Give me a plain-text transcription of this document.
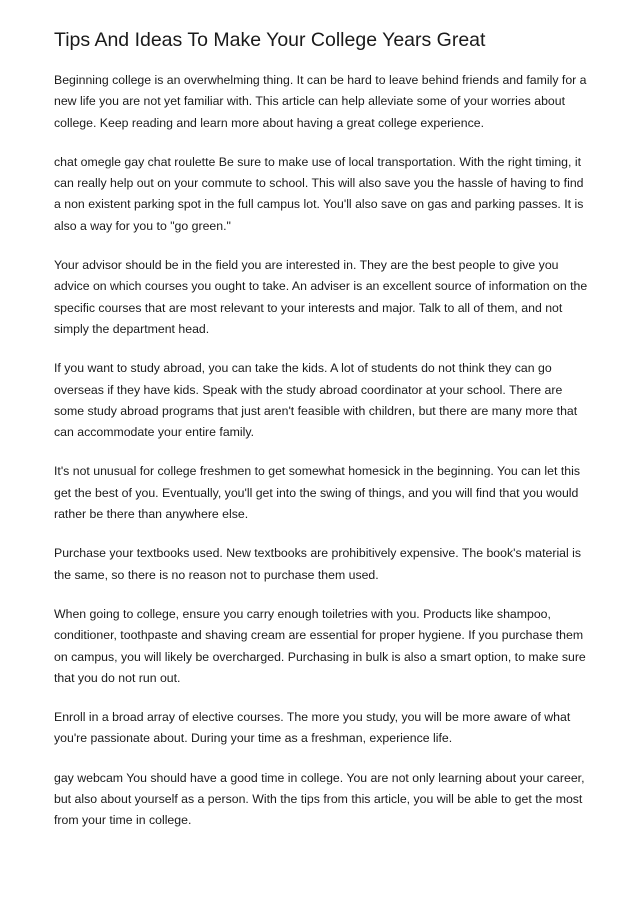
Tips And Ideas To Make Your College Years Great

Beginning college is an overwhelming thing. It can be hard to leave behind friends and family for a new life you are not yet familiar with. This article can help alleviate some of your worries about college. Keep reading and learn more about having a great college experience.

chat omegle gay chat roulette Be sure to make use of local transportation. With the right timing, it can really help out on your commute to school. This will also save you the hassle of having to find a non existent parking spot in the full campus lot. You'll also save on gas and parking passes. It is also a way for you to "go green."

Your advisor should be in the field you are interested in. They are the best people to give you advice on which courses you ought to take. An adviser is an excellent source of information on the specific courses that are most relevant to your interests and major. Talk to all of them, and not simply the department head.

If you want to study abroad, you can take the kids. A lot of students do not think they can go overseas if they have kids. Speak with the study abroad coordinator at your school. There are some study abroad programs that just aren't feasible with children, but there are many more that can accommodate your entire family.

It's not unusual for college freshmen to get somewhat homesick in the beginning. You can let this get the best of you. Eventually, you'll get into the swing of things, and you will find that you would rather be there than anywhere else.

Purchase your textbooks used. New textbooks are prohibitively expensive. The book's material is the same, so there is no reason not to purchase them used.

When going to college, ensure you carry enough toiletries with you. Products like shampoo, conditioner, toothpaste and shaving cream are essential for proper hygiene. If you purchase them on campus, you will likely be overcharged. Purchasing in bulk is also a smart option, to make sure that you do not run out.

Enroll in a broad array of elective courses. The more you study, you will be more aware of what you're passionate about. During your time as a freshman, experience life.

gay webcam You should have a good time in college. You are not only learning about your career, but also about yourself as a person. With the tips from this article, you will be able to get the most from your time in college.
